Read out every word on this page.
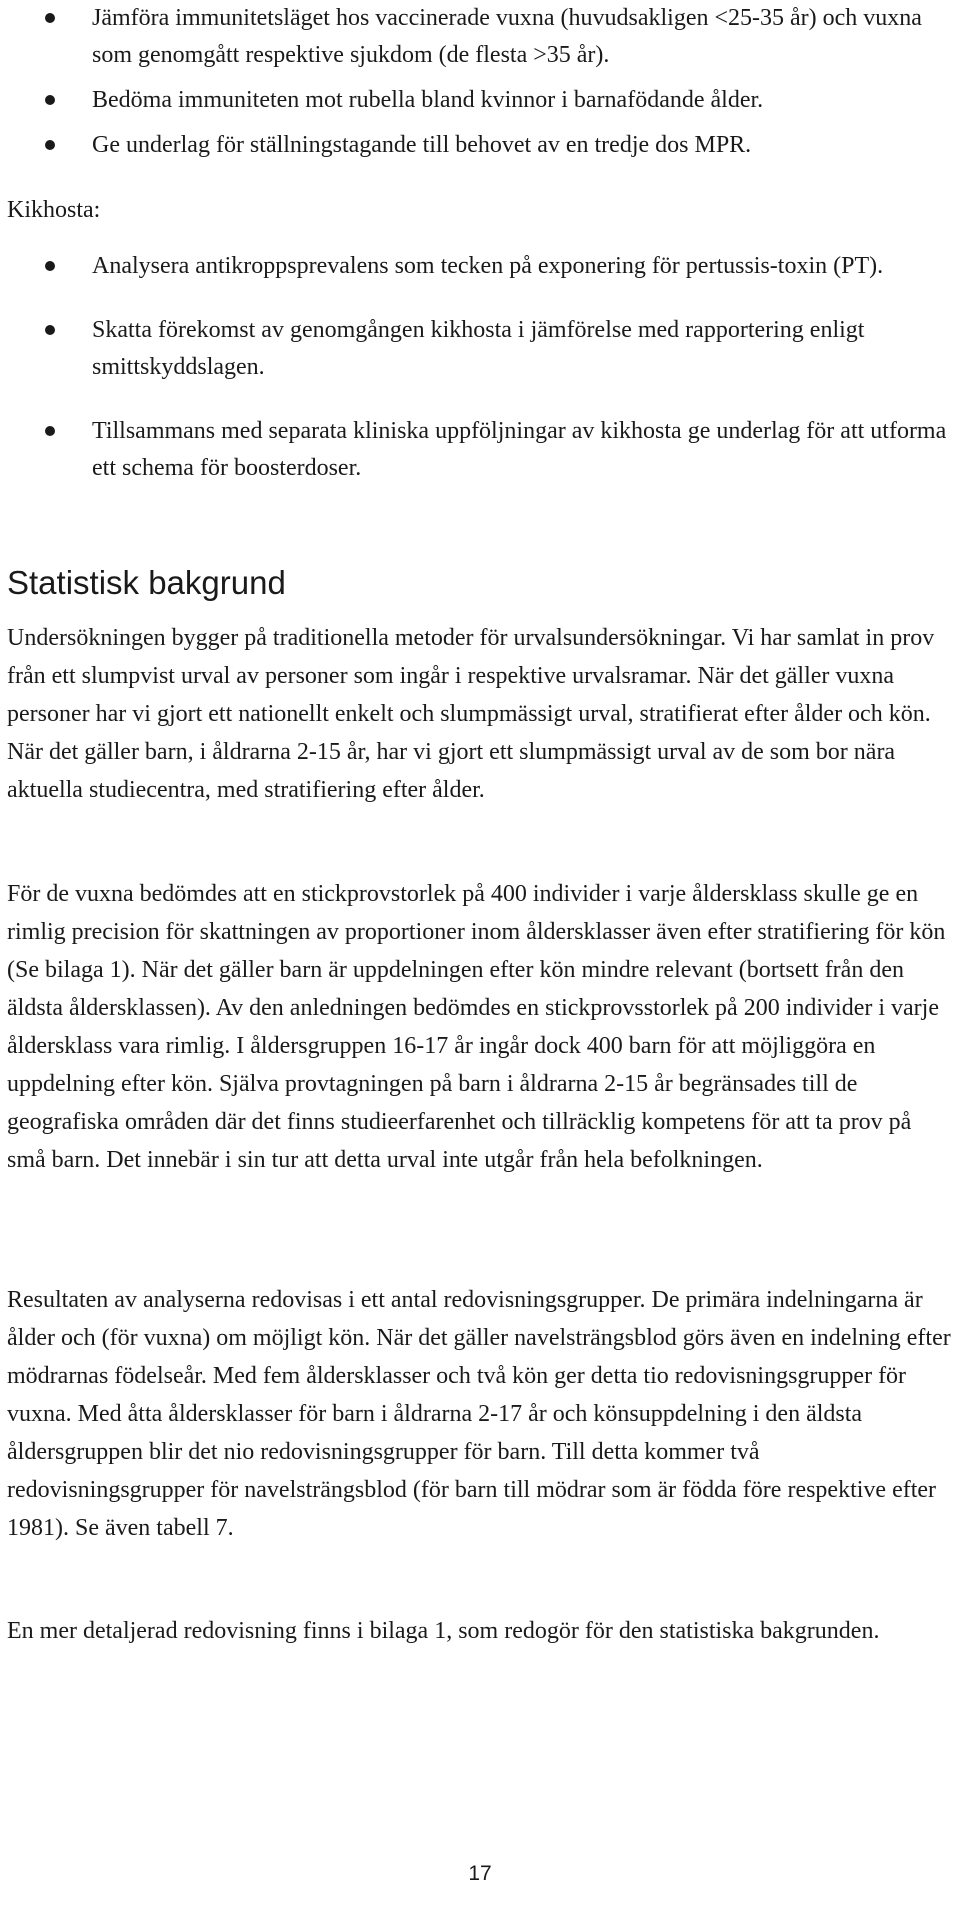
Jämföra immunitetsläget hos vaccinerade vuxna (huvudsakligen <25-35 år) och vuxna som genomgått respektive sjukdom (de flesta >35 år).
Bedöma immuniteten mot rubella bland kvinnor i barnafödande ålder.
Ge underlag för ställningstagande till behovet av en tredje dos MPR.
Kikhosta:
Analysera antikroppsprevalens som tecken på exponering för pertussis-toxin (PT).
Skatta förekomst av genomgången kikhosta i jämförelse med rapportering enligt smittskyddslagen.
Tillsammans med separata kliniska uppföljningar av kikhosta ge underlag för att utforma ett schema för boosterdoser.
Statistisk bakgrund

Undersökningen bygger på traditionella metoder för urvalsundersökningar. Vi har samlat in prov från ett slumpvist urval av personer som ingår i respektive urvalsramar. När det gäller vuxna personer har vi gjort ett nationellt enkelt och slumpmässigt urval, stratifierat efter ålder och kön. När det gäller barn, i åldrarna 2-15 år, har vi gjort ett slumpmässigt urval av de som bor nära aktuella studiecentra, med stratifiering efter ålder.

För de vuxna bedömdes att en stickprovstorlek på 400 individer i varje åldersklass skulle ge en rimlig precision för skattningen av proportioner inom åldersklasser även efter stratifiering för kön (Se bilaga 1). När det gäller barn är uppdelningen efter kön mindre relevant (bortsett från den äldsta åldersklassen). Av den anledningen bedömdes en stickprovsstorlek på 200 individer i varje åldersklass vara rimlig. I åldersgruppen 16-17 år ingår dock 400 barn för att möjliggöra en uppdelning efter kön. Själva provtagningen på barn i åldrarna 2-15 år begränsades till de geografiska områden där det finns studieerfarenhet och tillräcklig kompetens för att ta prov på små barn. Det innebär i sin tur att detta urval inte utgår från hela befolkningen.

Resultaten av analyserna redovisas i ett antal redovisningsgrupper. De primära indelningarna är ålder och (för vuxna) om möjligt kön. När det gäller navelsträngsblod görs även en indelning efter mödrarnas födelseår. Med fem åldersklasser och två kön ger detta tio redovisningsgrupper för vuxna. Med åtta åldersklasser för barn i åldrarna 2-17 år och könsuppdelning i den äldsta åldersgruppen blir det nio redovisningsgrupper för barn. Till detta kommer två redovisningsgrupper för navelsträngsblod (för barn till mödrar som är födda före respektive efter 1981). Se även tabell 7.

En mer detaljerad redovisning finns i bilaga 1, som redogör för den statistiska bakgrunden.

17
